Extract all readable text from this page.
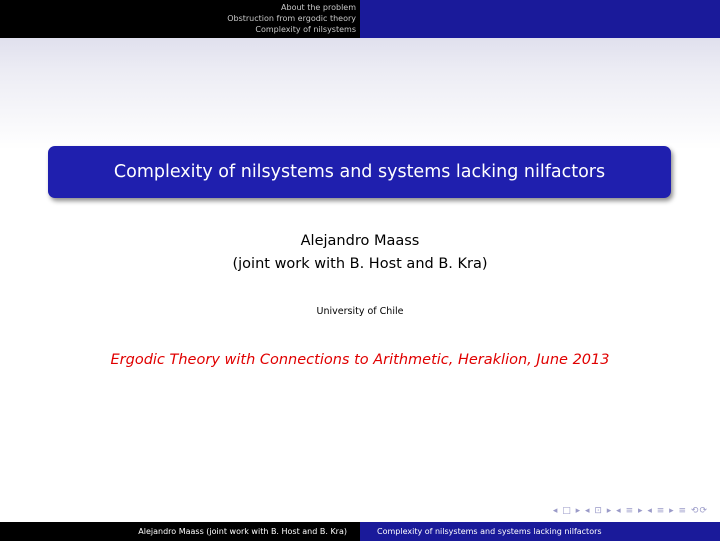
About the problem
Obstruction from ergodic theory
Complexity of nilsystems
Complexity of nilsystems and systems lacking nilfactors
Alejandro Maass
(joint work with B. Host and B. Kra)
University of Chile
Ergodic Theory with Connections to Arithmetic, Heraklion, June 2013
◂ □ ▸ ◂ ⊡ ▸ ◂ ≡ ▸ ◂ ≡ ▸ ≡ ⟲⟳
Alejandro Maass (joint work with B. Host and B. Kra)	Complexity of nilsystems and systems lacking nilfactors
